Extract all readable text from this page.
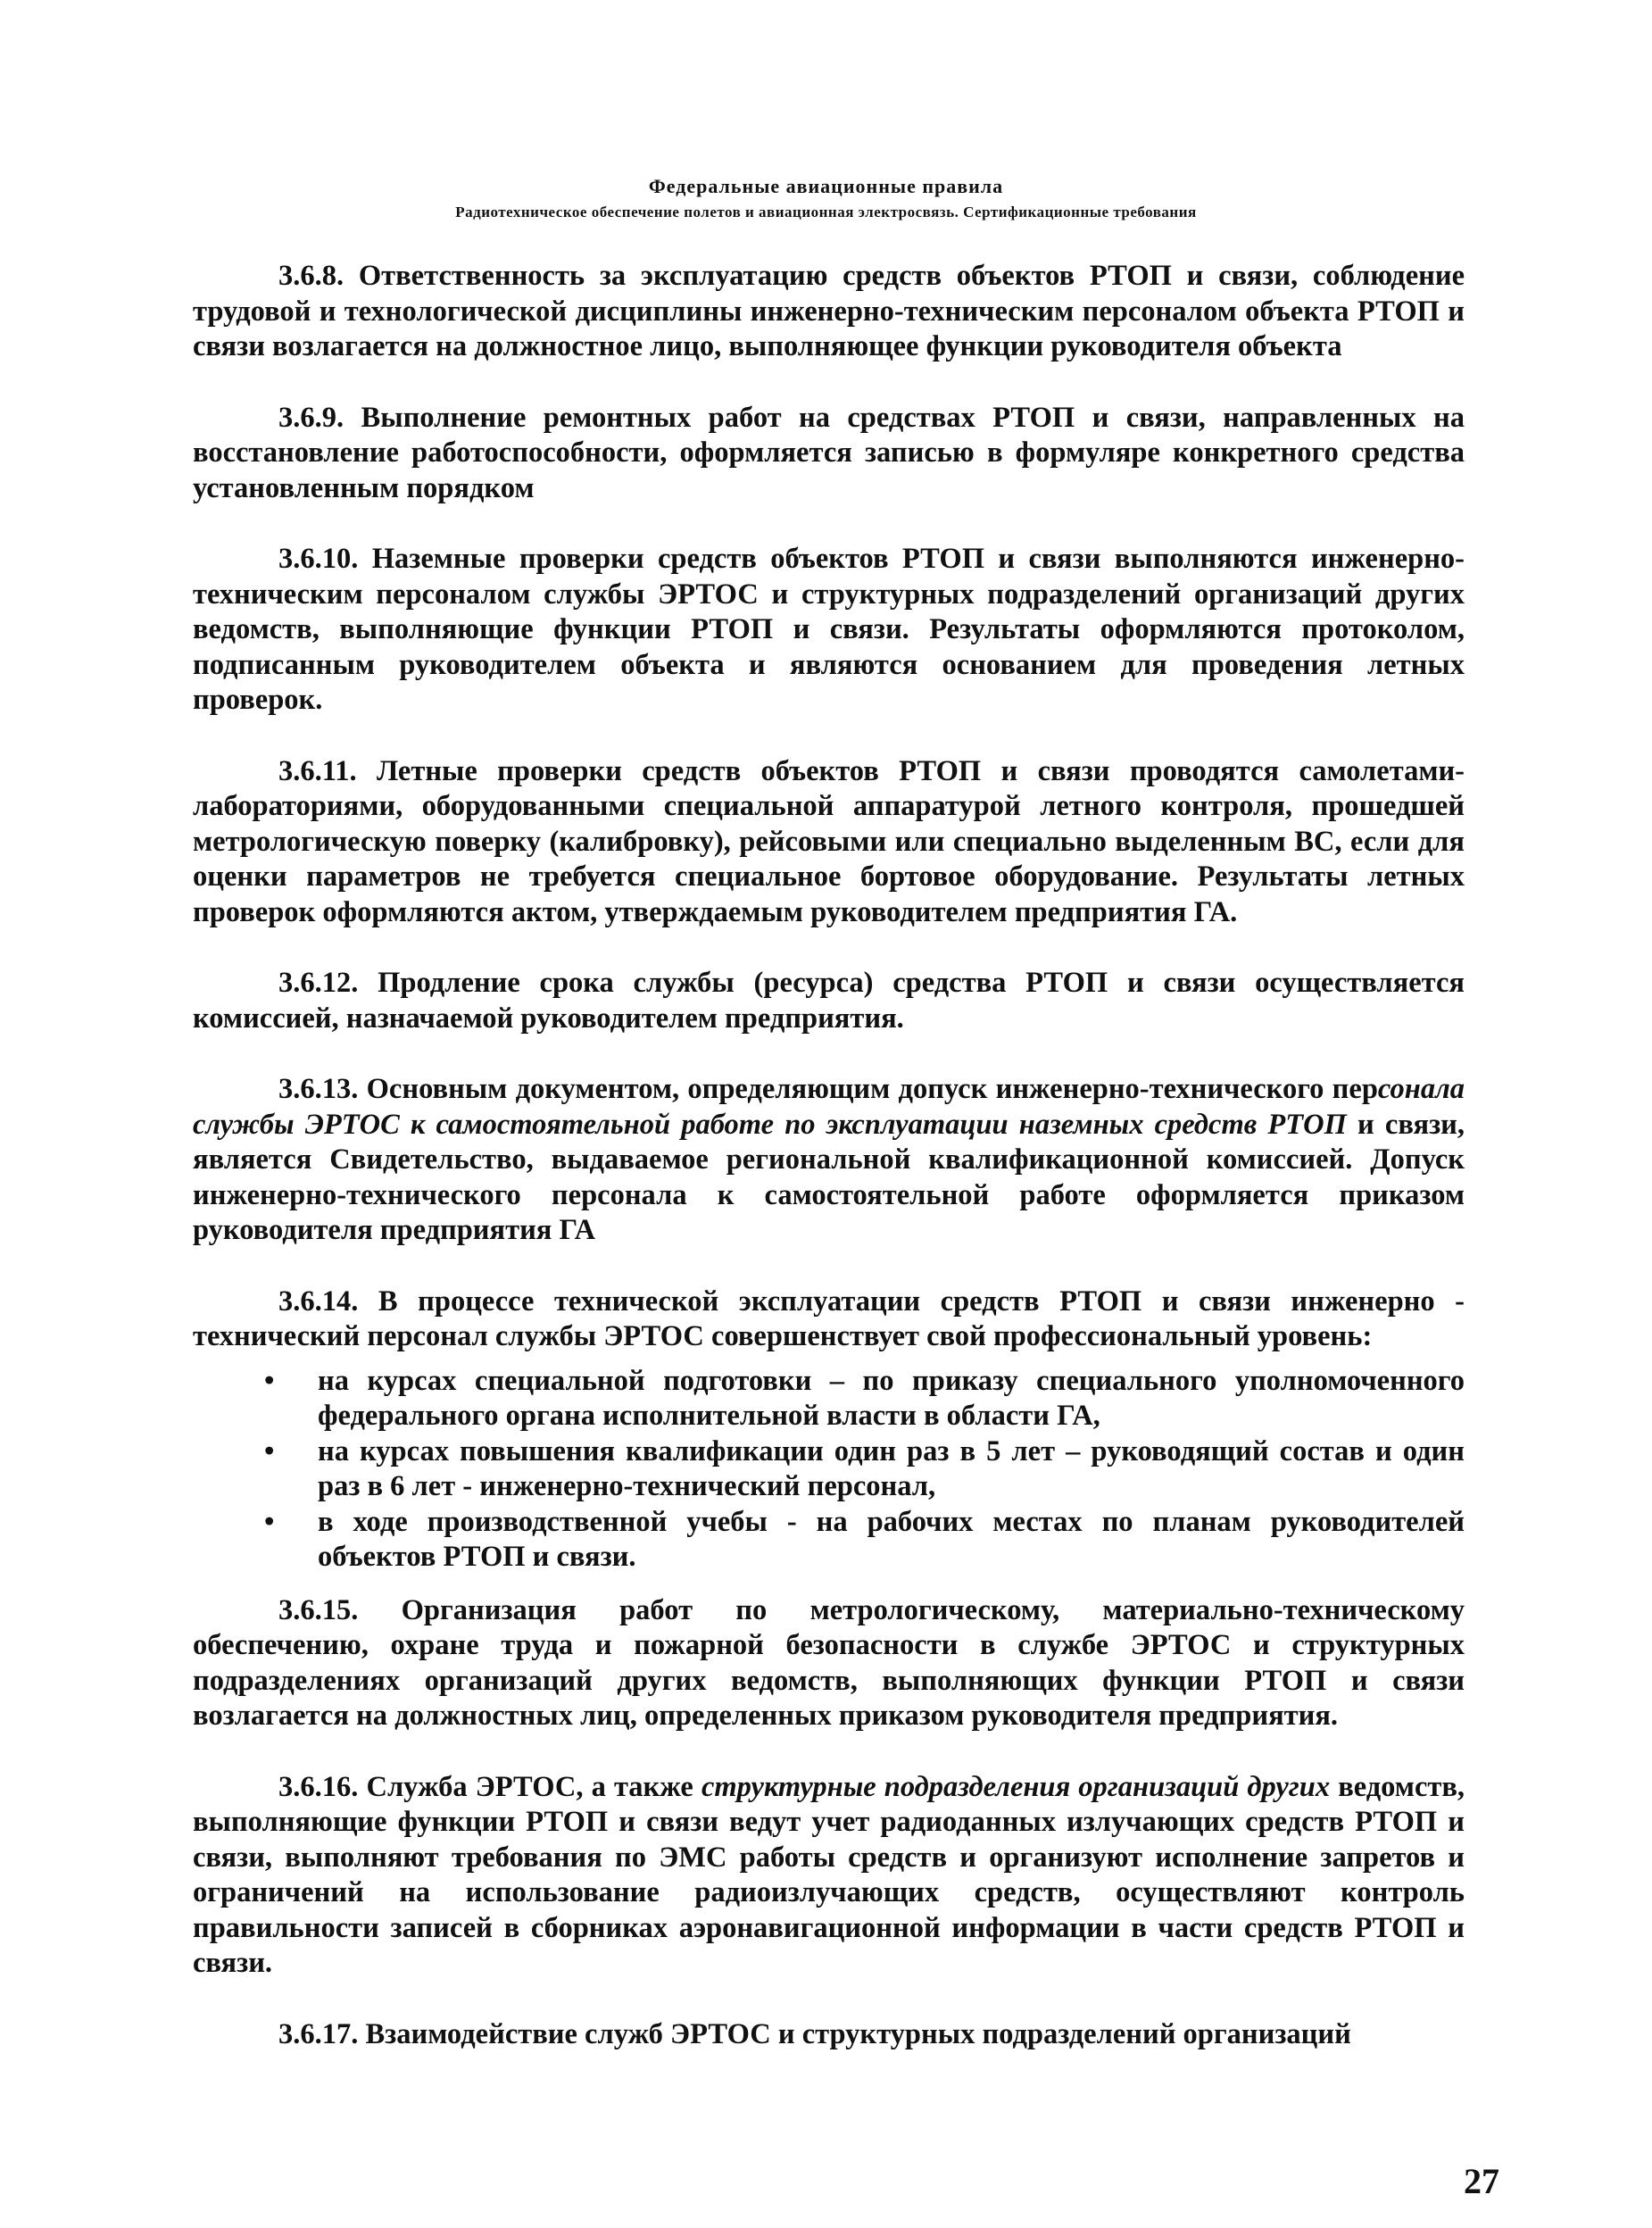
Федеральные авиационные правила
Радиотехническое обеспечение полетов и авиационная электросвязь. Сертификационные требования

3.6.8. Ответственность за эксплуатацию средств объектов РТОП и связи, соблюдение трудовой и технологической дисциплины инженерно-техническим персоналом объекта РТОП и связи возлагается на должностное лицо, выполняющее функции руководителя объекта

3.6.9. Выполнение ремонтных работ на средствах РТОП и связи, направленных на восстановление работоспособности, оформляется записью в формуляре конкретного средства установленным порядком

3.6.10. Наземные проверки средств объектов РТОП и связи выполняются инженерно-техническим персоналом службы ЭРТОС и структурных подразделений организаций других ведомств, выполняющие функции РТОП и связи. Результаты оформляются протоколом, подписанным руководителем объекта и являются основанием для проведения летных проверок.

3.6.11. Летные проверки средств объектов РТОП и связи проводятся самолетами-лабораториями, оборудованными специальной аппаратурой летного контроля, прошедшей метрологическую поверку (калибровку), рейсовыми или специально выделенным ВС, если для оценки параметров не требуется специальное бортовое оборудование. Результаты летных проверок оформляются актом, утверждаемым руководителем предприятия ГА.

3.6.12. Продление срока службы (ресурса) средства РТОП и связи осуществляется комиссией, назначаемой руководителем предприятия.

3.6.13. Основным документом, определяющим допуск инженерно-технического персонала службы ЭРТОС к самостоятельной работе по эксплуатации наземных средств РТОП и связи, является Свидетельство, выдаваемое региональной квалификационной комиссией. Допуск инженерно-технического персонала к самостоятельной работе оформляется приказом руководителя предприятия ГА

3.6.14. В процессе технической эксплуатации средств РТОП и связи инженерно - технический персонал службы ЭРТОС совершенствует свой профессиональный уровень:

• на курсах специальной подготовки – по приказу специального уполномоченного федерального органа исполнительной власти в области ГА,
• на курсах повышения квалификации один раз в 5 лет – руководящий состав и один раз в 6 лет - инженерно-технический персонал,
• в ходе производственной учебы - на рабочих местах по планам руководителей объектов РТОП и связи.

3.6.15. Организация работ по метрологическому, материально-техническому обеспечению, охране труда и пожарной безопасности в службе ЭРТОС и структурных подразделениях организаций других ведомств, выполняющих функции РТОП и связи возлагается на должностных лиц, определенных приказом руководителя предприятия.

3.6.16. Служба ЭРТОС, а также структурные подразделения организаций других ведомств, выполняющие функции РТОП и связи ведут учет радиоданных излучающих средств РТОП и связи, выполняют требования по ЭМС работы средств и организуют исполнение запретов и ограничений на использование радиоизлучающих средств, осуществляют контроль правильности записей в сборниках аэронавигационной информации в части средств РТОП и связи.

3.6.17. Взаимодействие служб ЭРТОС и структурных подразделений организаций

27
